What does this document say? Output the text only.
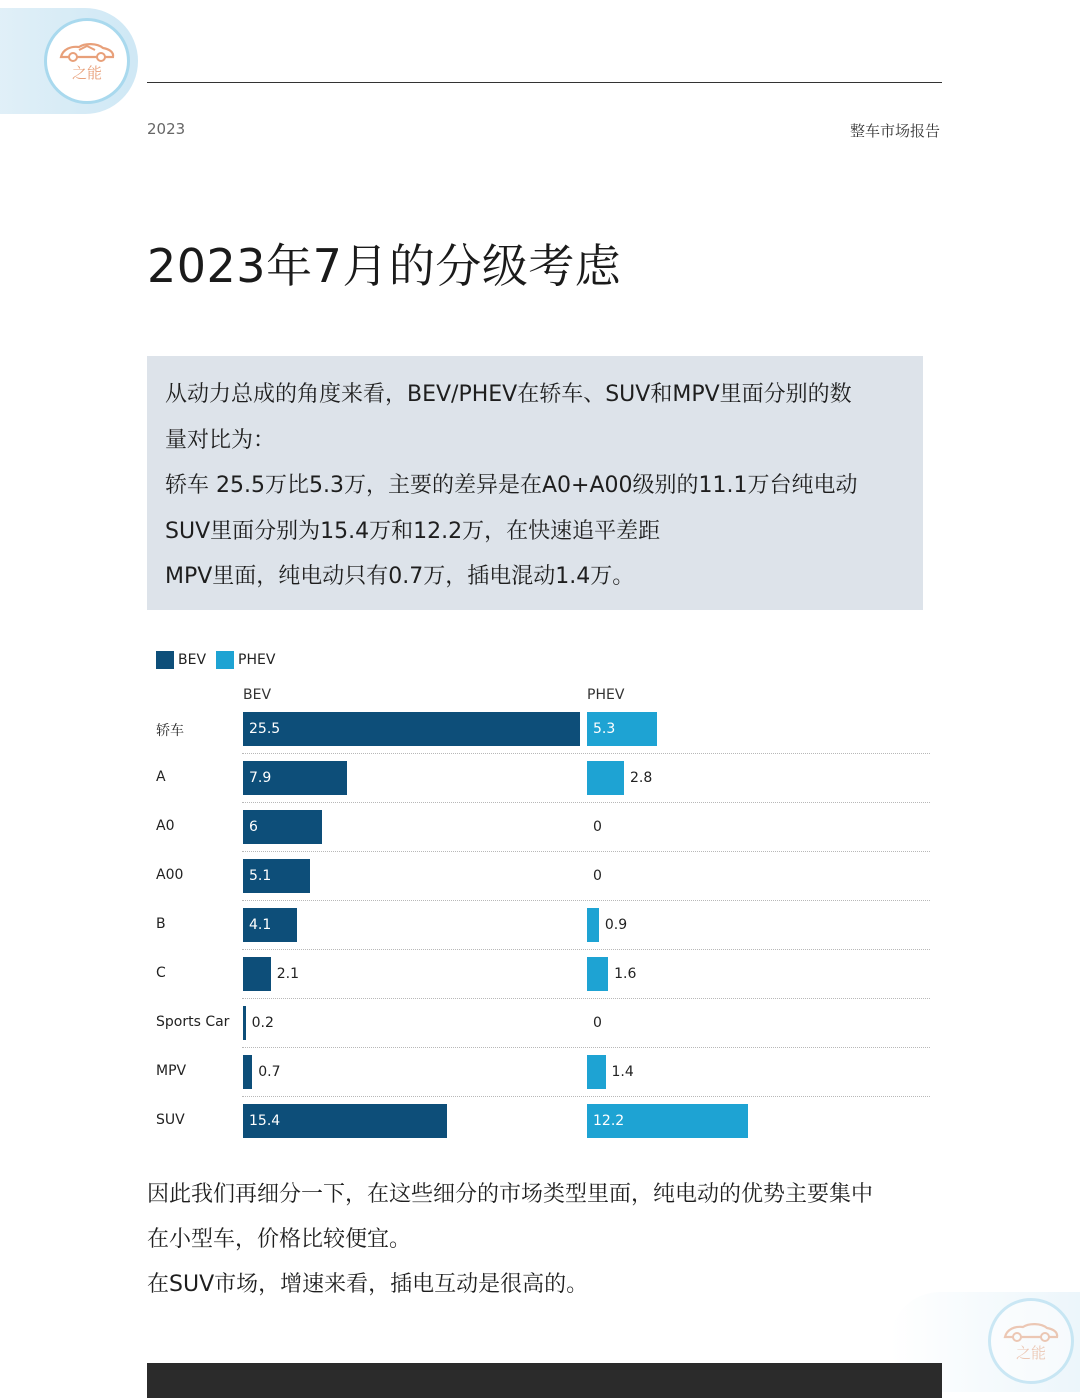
之能
2023	整车市场报告
2023年7月的分级考虑
从动力总成的角度来看，BEV/PHEV在轿车、SUV和MPV里面分别的数
量对比为：
轿车 25.5万比5.3万，主要的差异是在A0+A00级别的11.1万台纯电动
SUV里面分别为15.4万和12.2万，在快速追平差距
MPV里面，纯电动只有0.7万，插电混动1.4万。
BEV PHEV
BEV	PHEV
轿车	25.5	5.3
A	7.9	2.8
A0	6	0
A00	5.1	0
B	4.1	0.9
C	2.1	1.6
Sports Car 0.2	0
MPV	0.7	1.4
SUV	15.4	12.2
因此我们再细分一下，在这些细分的市场类型里面，纯电动的优势主要集中
在小型车，价格比较便宜。
在SUV市场，增速来看，插电互动是很高的。
之能
